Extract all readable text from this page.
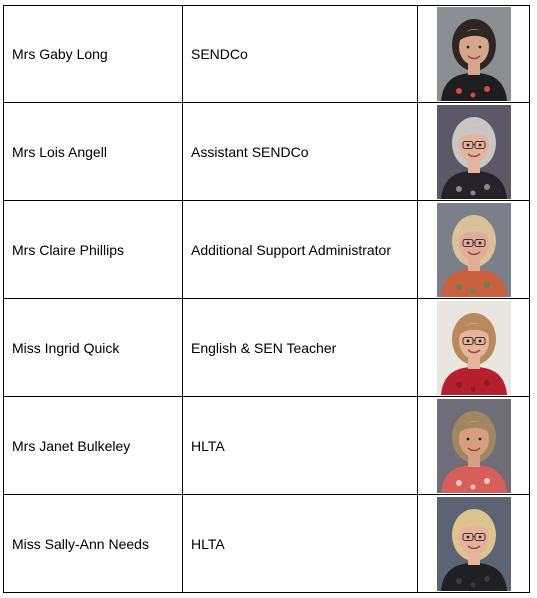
Mrs Gaby Long	SENDCo

Mrs Lois Angell	Assistant SENDCo

Mrs Claire Phillips	Additional Support Administrator

Miss Ingrid Quick	English & SEN Teacher

Mrs Janet Bulkeley	HLTA

Miss Sally-Ann Needs	HLTA
